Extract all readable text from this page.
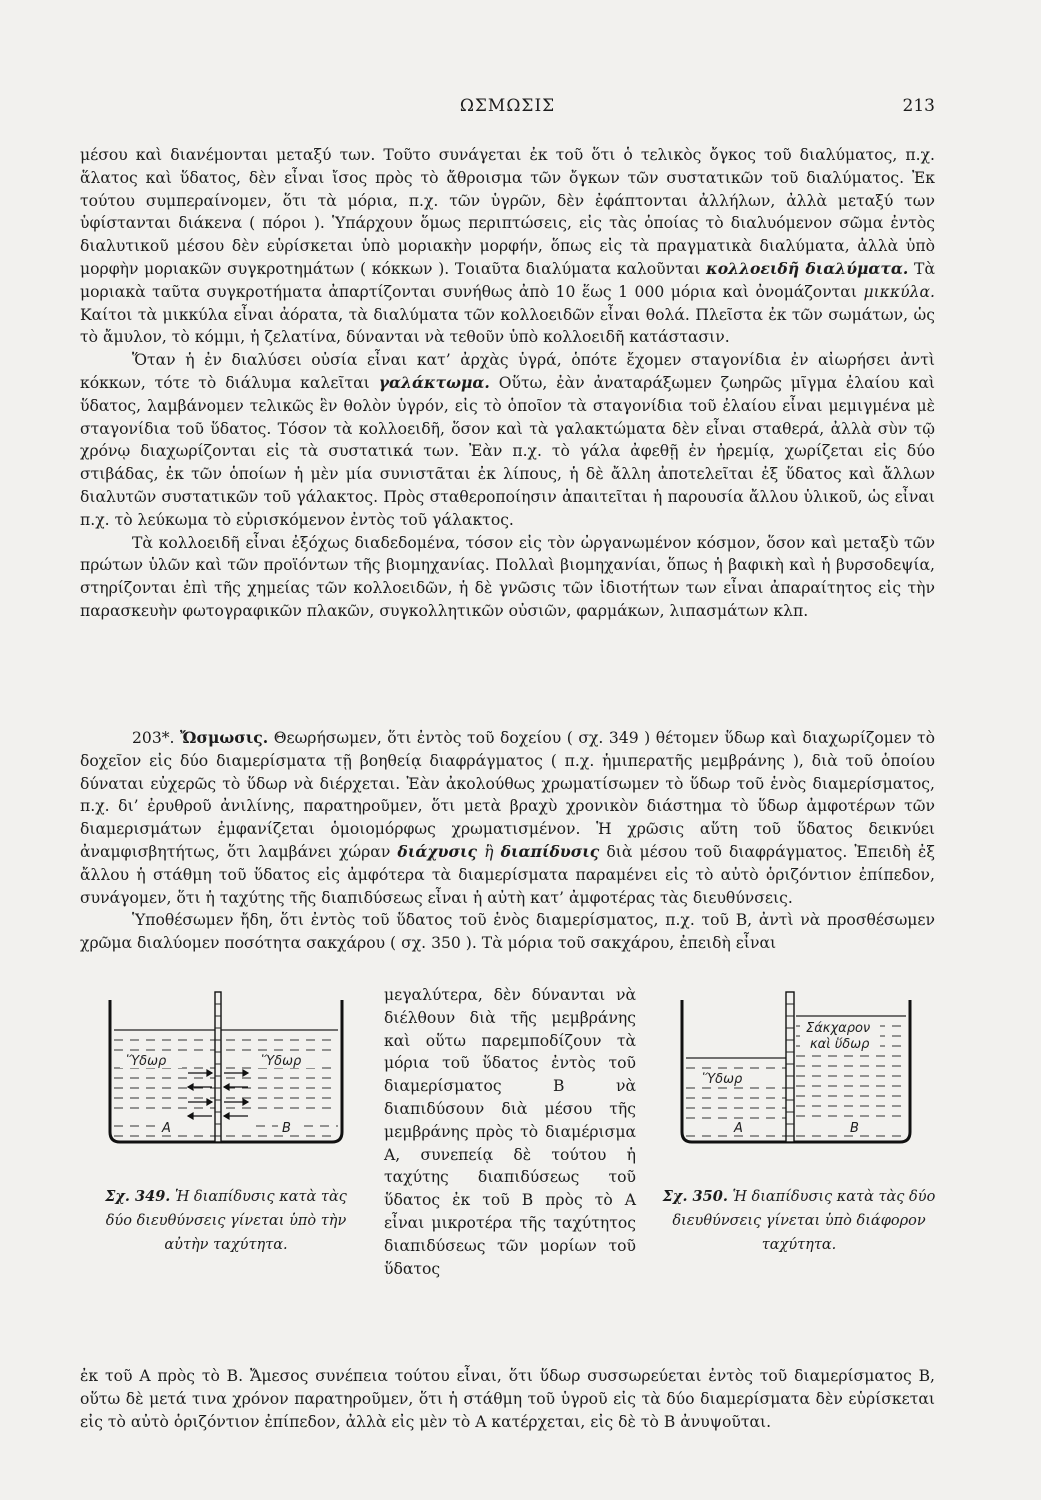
ΩΣΜΩΣΙΣ	213

μέσου καὶ διανέμονται μεταξύ των. Τοῦτο συνάγεται ἐκ τοῦ ὅτι ὁ τελικὸς ὄγκος τοῦ διαλύματος, π.χ. ἅλατος καὶ ὕδατος, δὲν εἶναι ἴσος πρὸς τὸ ἄθροισμα τῶν ὄγκων τῶν συστατικῶν τοῦ διαλύματος. Ἐκ τούτου συμπεραίνομεν, ὅτι τὰ μόρια, π.χ. τῶν ὑγρῶν, δὲν ἐφάπτονται ἀλλήλων, ἀλλὰ μεταξύ των ὑφίστανται διάκενα ( πόροι ). Ὑπάρχουν ὅμως περιπτώσεις, εἰς τὰς ὁποίας τὸ διαλυόμενον σῶμα ἐντὸς διαλυτικοῦ μέσου δὲν εὑρίσκεται ὑπὸ μοριακὴν μορφήν, ὅπως εἰς τὰ πραγματικὰ διαλύματα, ἀλλὰ ὑπὸ μορφὴν μοριακῶν συγκροτημάτων ( κόκκων ). Τοιαῦτα διαλύματα καλοῦνται κολλοειδῆ διαλύματα. Τὰ μοριακὰ ταῦτα συγκροτήματα ἀπαρτίζονται συνήθως ἀπὸ 10 ἕως 1 000 μόρια καὶ ὀνομάζονται μικκύλα. Καίτοι τὰ μικκύλα εἶναι ἀόρατα, τὰ διαλύματα τῶν κολλοειδῶν εἶναι θολά. Πλεῖστα ἐκ τῶν σωμάτων, ὡς τὸ ἄμυλον, τὸ κόμμι, ἡ ζελατίνα, δύνανται νὰ τεθοῦν ὑπὸ κολλοειδῆ κατάστασιν.

Ὅταν ἡ ἐν διαλύσει οὐσία εἶναι κατ’ ἀρχὰς ὑγρά, ὁπότε ἔχομεν σταγονίδια ἐν αἰωρήσει ἀντὶ κόκκων, τότε τὸ διάλυμα καλεῖται γαλάκτωμα. Οὕτω, ἐὰν ἀναταράξωμεν ζωηρῶς μῖγμα ἐλαίου καὶ ὕδατος, λαμβάνομεν τελικῶς ἓν θολὸν ὑγρόν, εἰς τὸ ὁποῖον τὰ σταγονίδια τοῦ ἐλαίου εἶναι μεμιγμένα μὲ σταγονίδια τοῦ ὕδατος. Τόσον τὰ κολλοειδῆ, ὅσον καὶ τὰ γαλακτώματα δὲν εἶναι σταθερά, ἀλλὰ σὺν τῷ χρόνῳ διαχωρίζονται εἰς τὰ συστατικά των. Ἐὰν π.χ. τὸ γάλα ἀφεθῇ ἐν ἠρεμίᾳ, χωρίζεται εἰς δύο στιβάδας, ἐκ τῶν ὁποίων ἡ μὲν μία συνιστᾶται ἐκ λίπους, ἡ δὲ ἄλλη ἀποτελεῖται ἐξ ὕδατος καὶ ἄλλων διαλυτῶν συστατικῶν τοῦ γάλακτος. Πρὸς σταθεροποίησιν ἀπαιτεῖται ἡ παρουσία ἄλλου ὑλικοῦ, ὡς εἶναι π.χ. τὸ λεύκωμα τὸ εὑρισκόμενον ἐντὸς τοῦ γάλακτος.

Τὰ κολλοειδῆ εἶναι ἐξόχως διαδεδομένα, τόσον εἰς τὸν ὠργανωμένον κόσμον, ὅσον καὶ μεταξὺ τῶν πρώτων ὑλῶν καὶ τῶν προϊόντων τῆς βιομηχανίας. Πολλαὶ βιομηχανίαι, ὅπως ἡ βαφικὴ καὶ ἡ βυρσοδεψία, στηρίζονται ἐπὶ τῆς χημείας τῶν κολλοειδῶν, ἡ δὲ γνῶσις τῶν ἰδιοτήτων των εἶναι ἀπαραίτητος εἰς τὴν παρασκευὴν φωτογραφικῶν πλακῶν, συγκολλητικῶν οὐσιῶν, φαρμάκων, λιπασμάτων κλπ.

203*. Ὤσμωσις. Θεωρήσωμεν, ὅτι ἐντὸς τοῦ δοχείου ( σχ. 349 ) θέτομεν ὕδωρ καὶ διαχωρίζομεν τὸ δοχεῖον εἰς δύο διαμερίσματα τῇ βοηθείᾳ διαφράγματος ( π.χ. ἡμιπερατῆς μεμβράνης ), διὰ τοῦ ὁποίου δύναται εὐχερῶς τὸ ὕδωρ νὰ διέρχεται. Ἐὰν ἀκολούθως χρωματίσωμεν τὸ ὕδωρ τοῦ ἑνὸς διαμερίσματος, π.χ. δι’ ἐρυθροῦ ἀνιλίνης, παρατηροῦμεν, ὅτι μετὰ βραχὺ χρονικὸν διάστημα τὸ ὕδωρ ἀμφοτέρων τῶν διαμερισμάτων ἐμφανίζεται ὁμοιομόρφως χρωματισμένον. Ἡ χρῶσις αὕτη τοῦ ὕδατος δεικνύει ἀναμφισβητήτως, ὅτι λαμβάνει χώραν διάχυσις ἢ διαπίδυσις διὰ μέσου τοῦ διαφράγματος. Ἐπειδὴ ἐξ ἄλλου ἡ στάθμη τοῦ ὕδατος εἰς ἀμφότερα τὰ διαμερίσματα παραμένει εἰς τὸ αὐτὸ ὁριζόντιον ἐπίπεδον, συνάγομεν, ὅτι ἡ ταχύτης τῆς διαπιδύσεως εἶναι ἡ αὐτὴ κατ’ ἀμφοτέρας τὰς διευθύνσεις.

Ὑποθέσωμεν ἤδη, ὅτι ἐντὸς τοῦ ὕδατος τοῦ ἑνὸς διαμερίσματος, π.χ. τοῦ Β, ἀντὶ νὰ προσθέσωμεν χρῶμα διαλύομεν ποσότητα σακχάρου ( σχ. 350 ). Τὰ μόρια τοῦ σακχάρου, ἐπειδὴ εἶναι

μεγαλύτερα, δὲν δύνανται νὰ διέλθουν διὰ τῆς μεμβράνης καὶ οὕτω παρεμποδίζουν τὰ μόρια τοῦ ὕδατος ἐντὸς τοῦ διαμερίσματος Β νὰ διαπιδύσουν διὰ μέσου τῆς μεμβράνης πρὸς τὸ διαμέρισμα Α, συνεπείᾳ δὲ τούτου ἡ ταχύτης διαπιδύσεως τοῦ ὕδατος ἐκ τοῦ Β πρὸς τὸ Α εἶναι μικροτέρα τῆς ταχύτητος διαπιδύσεως τῶν μορίων τοῦ ὕδατος
Ὕδωρ	Ὕδωρ
A	B
Σχ. 349. Ἡ διαπίδυσις κατὰ τὰς δύο διευθύνσεις γίνεται ὑπὸ τὴν αὐτὴν ταχύτητα.
Σάκχαρον
καὶ ὕδωρ
Ὕδωρ
A	B
Σχ. 350. Ἡ διαπίδυσις κατὰ τὰς δύο διευθύνσεις γίνεται ὑπὸ διάφορον ταχύτητα.

ἐκ τοῦ Α πρὸς τὸ Β. Ἄμεσος συνέπεια τούτου εἶναι, ὅτι ὕδωρ συσσωρεύεται ἐντὸς τοῦ διαμερίσματος Β, οὕτω δὲ μετά τινα χρόνον παρατηροῦμεν, ὅτι ἡ στάθμη τοῦ ὑγροῦ εἰς τὰ δύο διαμερίσματα δὲν εὑρίσκεται εἰς τὸ αὐτὸ ὁριζόντιον ἐπίπεδον, ἀλλὰ εἰς μὲν τὸ Α κατέρχεται, εἰς δὲ τὸ Β ἀνυψοῦται.
